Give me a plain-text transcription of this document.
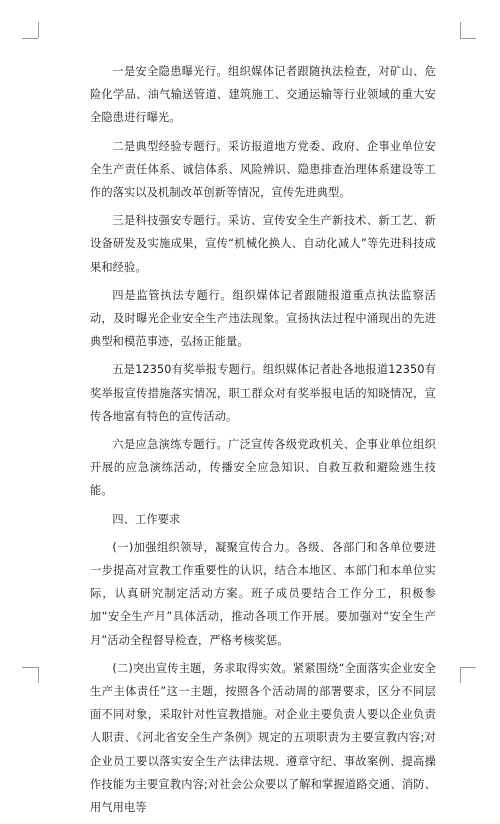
一是安全隐患曝光行。组织媒体记者跟随执法检查，对矿山、危险化学品、油气输送管道、建筑施工、交通运输等行业领域的重大安全隐患进行曝光。

二是典型经验专题行。采访报道地方党委、政府、企事业单位安全生产责任体系、诚信体系、风险辨识、隐患排查治理体系建设等工作的落实以及机制改革创新等情况，宣传先进典型。

三是科技强安专题行。采访、宣传安全生产新技术、新工艺、新设备研发及实施成果，宣传“机械化换人、自动化减人”等先进科技成果和经验。

四是监管执法专题行。组织媒体记者跟随报道重点执法监察活动，及时曝光企业安全生产违法现象。宣扬执法过程中涌现出的先进典型和模范事迹，弘扬正能量。

五是12350有奖举报专题行。组织媒体记者赴各地报道12350有奖举报宣传措施落实情况，职工群众对有奖举报电话的知晓情况，宣传各地富有特色的宣传活动。

六是应急演练专题行。广泛宣传各级党政机关、企事业单位组织开展的应急演练活动，传播安全应急知识、自救互救和避险逃生技能。

四、工作要求

(一)加强组织领导，凝聚宣传合力。各级、各部门和各单位要进一步提高对宣教工作重要性的认识，结合本地区、本部门和本单位实际，认真研究制定活动方案。班子成员要结合工作分工，积极参加“安全生产月”具体活动，推动各项工作开展。要加强对“安全生产月”活动全程督导检查，严格考核奖惩。

(二)突出宣传主题，务求取得实效。紧紧围绕“全面落实企业安全生产主体责任”这一主题，按照各个活动周的部署要求，区分不同层面不同对象，采取针对性宣教措施。对企业主要负责人要以企业负责人职责、《河北省安全生产条例》规定的五项职责为主要宣教内容;对企业员工要以落实安全生产法律法规、遵章守纪、事故案例、提高操作技能为主要宣教内容;对社会公众要以了解和掌握道路交通、消防、用气用电等
